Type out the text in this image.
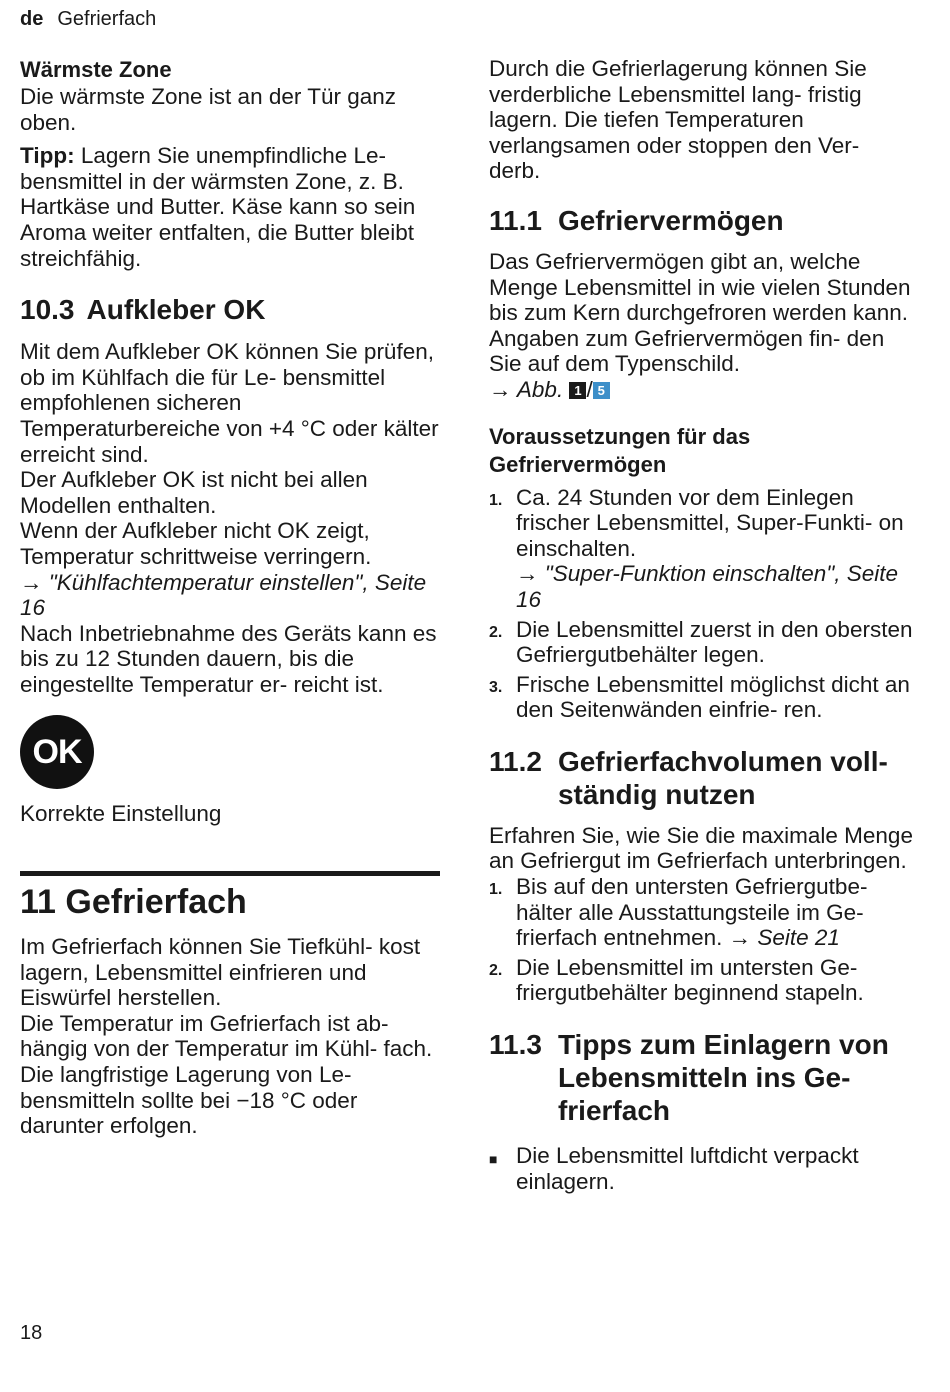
de Gefrierfach
Wärmste Zone

Die wärmste Zone ist an der Tür ganz oben.

Tipp: Lagern Sie unempfindliche Le- bensmittel in der wärmsten Zone, z. B. Hartkäse und Butter. Käse kann so sein Aroma weiter entfalten, die Butter bleibt streichfähig.

10.3 Aufkleber OK

Mit dem Aufkleber OK können Sie prüfen, ob im Kühlfach die für Le- bensmittel empfohlenen sicheren Temperaturbereiche von +4 °C oder kälter erreicht sind.

Der Aufkleber OK ist nicht bei allen Modellen enthalten.

Wenn der Aufkleber nicht OK zeigt, Temperatur schrittweise verringern.

→ "Kühlfachtemperatur einstellen", Seite 16

Nach Inbetriebnahme des Geräts kann es bis zu 12 Stunden dauern, bis die eingestellte Temperatur er- reicht ist.

OK

Korrekte Einstellung

11 Gefrierfach

Im Gefrierfach können Sie Tiefkühl- kost lagern, Lebensmittel einfrieren und Eiswürfel herstellen.

Die Temperatur im Gefrierfach ist ab- hängig von der Temperatur im Kühl- fach.

Die langfristige Lagerung von Le- bensmitteln sollte bei −18 °C oder darunter erfolgen.

Durch die Gefrierlagerung können Sie verderbliche Lebensmittel lang- fristig lagern. Die tiefen Temperaturen verlangsamen oder stoppen den Ver- derb.

11.1 Gefriervermögen

Das Gefriervermögen gibt an, welche Menge Lebensmittel in wie vielen Stunden bis zum Kern durchgefroren werden kann.

Angaben zum Gefriervermögen fin- den Sie auf dem Typenschild.

→ Abb. 1 / 5

Voraussetzungen für das Gefriervermögen
1. Ca. 24 Stunden vor dem Einlegen frischer Lebensmittel, Super-Funkti- on einschalten.
→ "Super-Funktion einschalten", Seite 16
2. Die Lebensmittel zuerst in den obersten Gefriergutbehälter legen.
3. Frische Lebensmittel möglichst dicht an den Seitenwänden einfrie- ren.
11.2 Gefrierfachvolumen voll- ständig nutzen

Erfahren Sie, wie Sie die maximale Menge an Gefriergut im Gefrierfach unterbringen.

1. Bis auf den untersten Gefriergutbe- hälter alle Ausstattungsteile im Ge- frierfach entnehmen. → Seite 21
2. Die Lebensmittel im untersten Ge- friergutbehälter beginnend stapeln.
11.3 Tipps zum Einlagern von Lebensmitteln ins Ge- frierfach
■ Die Lebensmittel luftdicht verpackt einlagern.
18
